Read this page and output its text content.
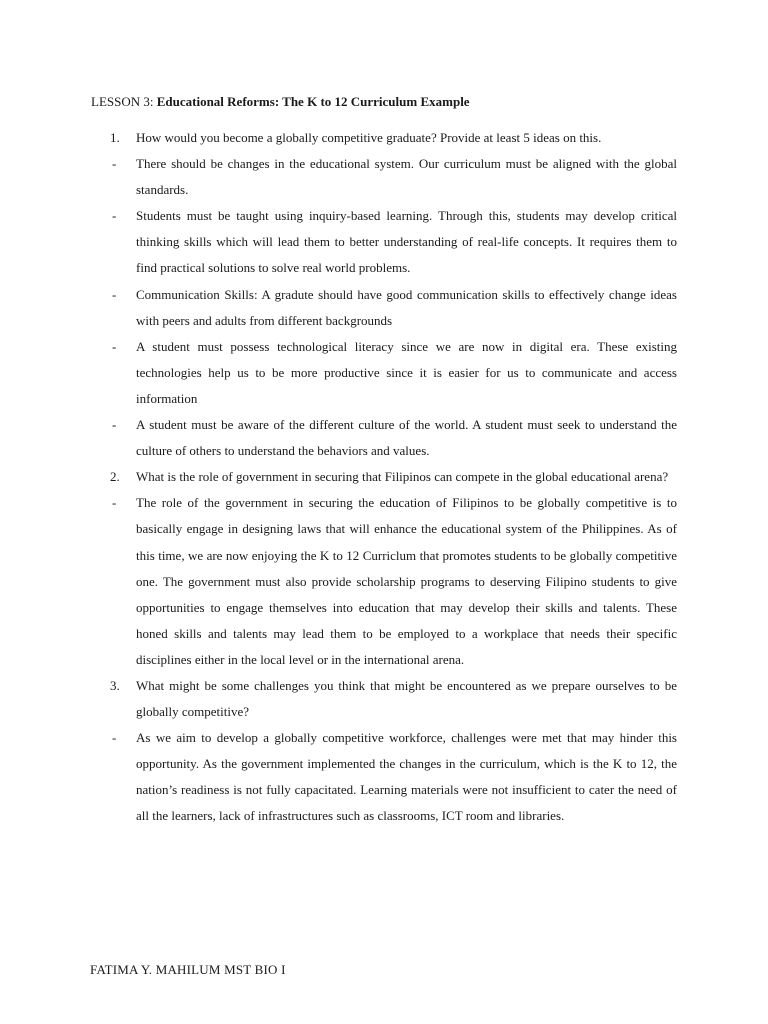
LESSON 3: Educational Reforms: The K to 12 Curriculum Example
1.	How would you become a globally competitive graduate? Provide at least 5 ideas on this.
-	There should be changes in the educational system. Our curriculum must be aligned with the global standards.
-	Students must be taught using inquiry-based learning. Through this, students may develop critical thinking skills which will lead them to better understanding of real-life concepts. It requires them to find practical solutions to solve real world problems.
-	Communication Skills: A gradute should have good communication skills to effectively change ideas with peers and adults from different backgrounds
-	A student must possess technological literacy since we are now in digital era. These existing technologies help us to be more productive since it is easier for us to communicate and access information
-	A student must be aware of the different culture of the world. A student must seek to understand the culture of others to understand the behaviors and values.
2.	What is the role of government in securing that Filipinos can compete in the global educational arena?
-	The role of the government in securing the education of Filipinos to be globally competitive is to basically engage in designing laws that will enhance the educational system of the Philippines. As of this time, we are now enjoying the K to 12 Curriclum that promotes students to be globally competitive one. The government must also provide scholarship programs to deserving Filipino students to give opportunities to engage themselves into education that may develop their skills and talents. These honed skills and talents may lead them to be employed to a workplace that needs their specific disciplines either in the local level or in the international arena.
3.	What might be some challenges you think that might be encountered as we prepare ourselves to be globally competitive?
-	As we aim to develop a globally competitive workforce, challenges were met that may hinder this opportunity. As the government implemented the changes in the curriculum, which is the K to 12, the nation’s readiness is not fully capacitated. Learning materials were not insufficient to cater the need of all the learners, lack of infrastructures such as classrooms, ICT room and libraries.
FATIMA Y. MAHILUM MST BIO I
